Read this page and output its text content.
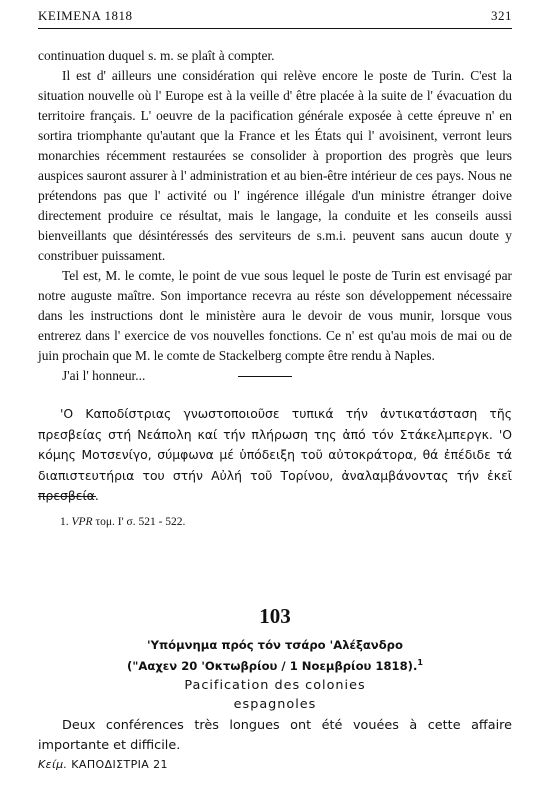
KEIMENA 1818	321

continuation duquel s. m. se plaît à compter.

Il est d' ailleurs une considération qui relève encore le poste de Turin. C'est la situation nouvelle où l' Europe est à la veille d' être placée à la suite de l' évacuation du territoire français. L' oeuvre de la pacification générale exposée à cette épreuve n' en sortira triomphante qu'autant que la France et les États qui l' avoisinent, verront leurs monarchies récemment restaurées se consolider à proportion des progrès que leurs auspices sauront assurer à l' administration et au bien-être intérieur de ces pays. Nous ne prétendons pas que l' activité ou l' ingérence illégale d'un ministre étranger doive directement produire ce résultat, mais le langage, la conduite et les conseils aussi bienveillants que désintéressés des serviteurs de s.m.i. peuvent sans aucun doute y constribuer puissament.

Tel est, M. le comte, le point de vue sous lequel le poste de Turin est envisagé par notre auguste maître. Son importance recevra au réste son développement nécessaire dans les instructions dont le ministère aura le devoir de vous munir, lorsque vous entrerez dans l' exercice de vos nouvelles fonctions. Ce n' est qu'au mois de mai ou de juin prochain que M. le comte de Stackelberg compte être rendu à Naples.

J'ai l' honneur...

'Ο Καποδίστριας γνωστοποιοῦσε τυπικά τήν ἀντικατάσταση τῆς πρεσβείας στή Νεάπολη καί τήν πλήρωση της ἀπό τόν Στάκελμπεργκ. 'Ο κόμης Μοτσενίγο, σύμφωνα μέ ὑπόδειξη τοῦ αὐτοκράτορα, θά ἐπέδιδε τά διαπιστευτήρια του στήν Αὐλή τοῦ Τορίνου, ἀναλαμβάνοντας τήν ἐκεῖ πρεσβεία.

1. VPR τομ. Ι' σ. 521 - 522.
103
'Υπόμνημα πρός τόν τσάρο 'Αλέξανδρο
("Ααχεν 20 'Οκτωβρίου / 1 Νοεμβρίου 1818).$^1$
Pacification des colonies
espagnoles

Deux conférences très longues ont été vouées à cette affaire importante et difficile.

Κείμ. ΚΑΠΟΔΙΣΤΡΙΑ 21
